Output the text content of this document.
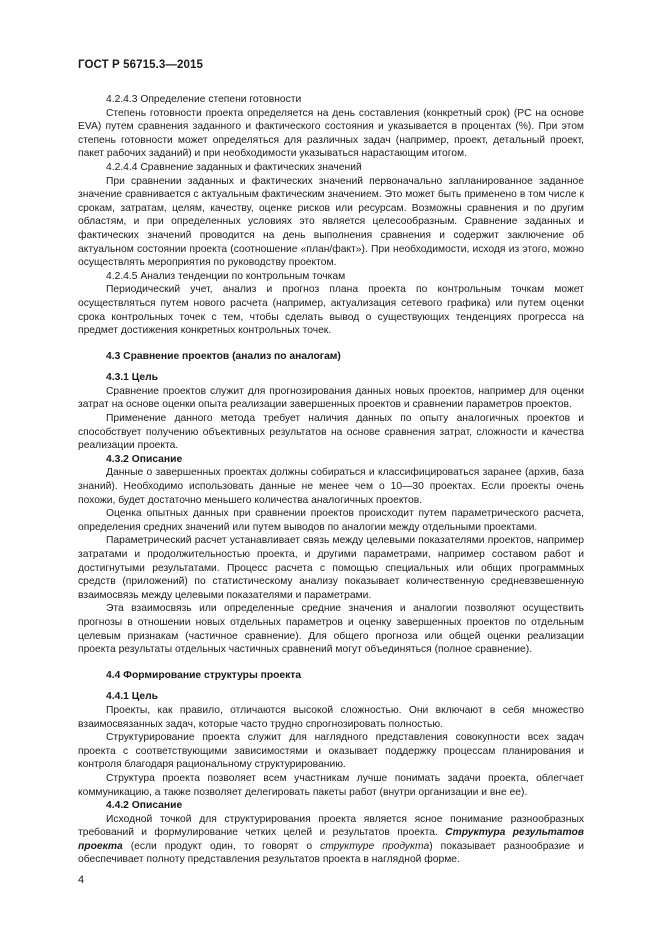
ГОСТ Р 56715.3—2015

4.2.4.3 Определение степени готовности

Степень готовности проекта определяется на день составления (конкретный срок) (PC на основе EVA) путем сравнения заданного и фактического состояния и указывается в процентах (%). При этом степень готовности может определяться для различных задач (например, проект, детальный проект, пакет рабочих заданий) и при необходимости указываться нарастающим итогом.

4.2.4.4 Сравнение заданных и фактических значений

При сравнении заданных и фактических значений первоначально запланированное заданное значение сравнивается с актуальным фактическим значением. Это может быть применено в том числе к срокам, затратам, целям, качеству, оценке рисков или ресурсам. Возможны сравнения и по другим областям, и при определенных условиях это является целесообразным. Сравнение заданных и фактических значений проводится на день выполнения сравнения и содержит заключение об актуальном состоянии проекта (соотношение «план/факт»). При необходимости, исходя из этого, можно осуществлять мероприятия по руководству проектом.

4.2.4.5 Анализ тенденции по контрольным точкам

Периодический учет, анализ и прогноз плана проекта по контрольным точкам может осуществляться путем нового расчета (например, актуализация сетевого графика) или путем оценки срока контрольных точек с тем, чтобы сделать вывод о существующих тенденциях прогресса на предмет достижения конкретных контрольных точек.

4.3 Сравнение проектов (анализ по аналогам)

4.3.1 Цель

Сравнение проектов служит для прогнозирования данных новых проектов, например для оценки затрат на основе оценки опыта реализации завершенных проектов и сравнении параметров проектов.

Применение данного метода требует наличия данных по опыту аналогичных проектов и способствует получению объективных результатов на основе сравнения затрат, сложности и качества реализации проекта.

4.3.2 Описание

Данные о завершенных проектах должны собираться и классифицироваться заранее (архив, база знаний). Необходимо использовать данные не менее чем о 10—30 проектах. Если проекты очень похожи, будет достаточно меньшего количества аналогичных проектов.

Оценка опытных данных при сравнении проектов происходит путем параметрического расчета, определения средних значений или путем выводов по аналогии между отдельными проектами.

Параметрический расчет устанавливает связь между целевыми показателями проектов, например затратами и продолжительностью проекта, и другими параметрами, например составом работ и достигнутыми результатами. Процесс расчета с помощью специальных или общих программных средств (приложений) по статистическому анализу показывает количественную средневзвешенную взаимосвязь между целевыми показателями и параметрами.

Эта взаимосвязь или определенные средние значения и аналогии позволяют осуществить прогнозы в отношении новых отдельных параметров и оценку завершенных проектов по отдельным целевым признакам (частичное сравнение). Для общего прогноза или общей оценки реализации проекта результаты отдельных частичных сравнений могут объединяться (полное сравнение).

4.4 Формирование структуры проекта

4.4.1 Цель

Проекты, как правило, отличаются высокой сложностью. Они включают в себя множество взаимосвязанных задач, которые часто трудно спрогнозировать полностью.

Структурирование проекта служит для наглядного представления совокупности всех задач проекта с соответствующими зависимостями и оказывает поддержку процессам планирования и контроля благодаря рациональному структурированию.

Структура проекта позволяет всем участникам лучше понимать задачи проекта, облегчает коммуникацию, а также позволяет делегировать пакеты работ (внутри организации и вне ее).

4.4.2 Описание

Исходной точкой для структурирования проекта является ясное понимание разнообразных требований и формулирование четких целей и результатов проекта. Структура результатов проекта (если продукт один, то говорят о структуре продукта) показывает разнообразие и обеспечивает полноту представления результатов проекта в наглядной форме.

4
